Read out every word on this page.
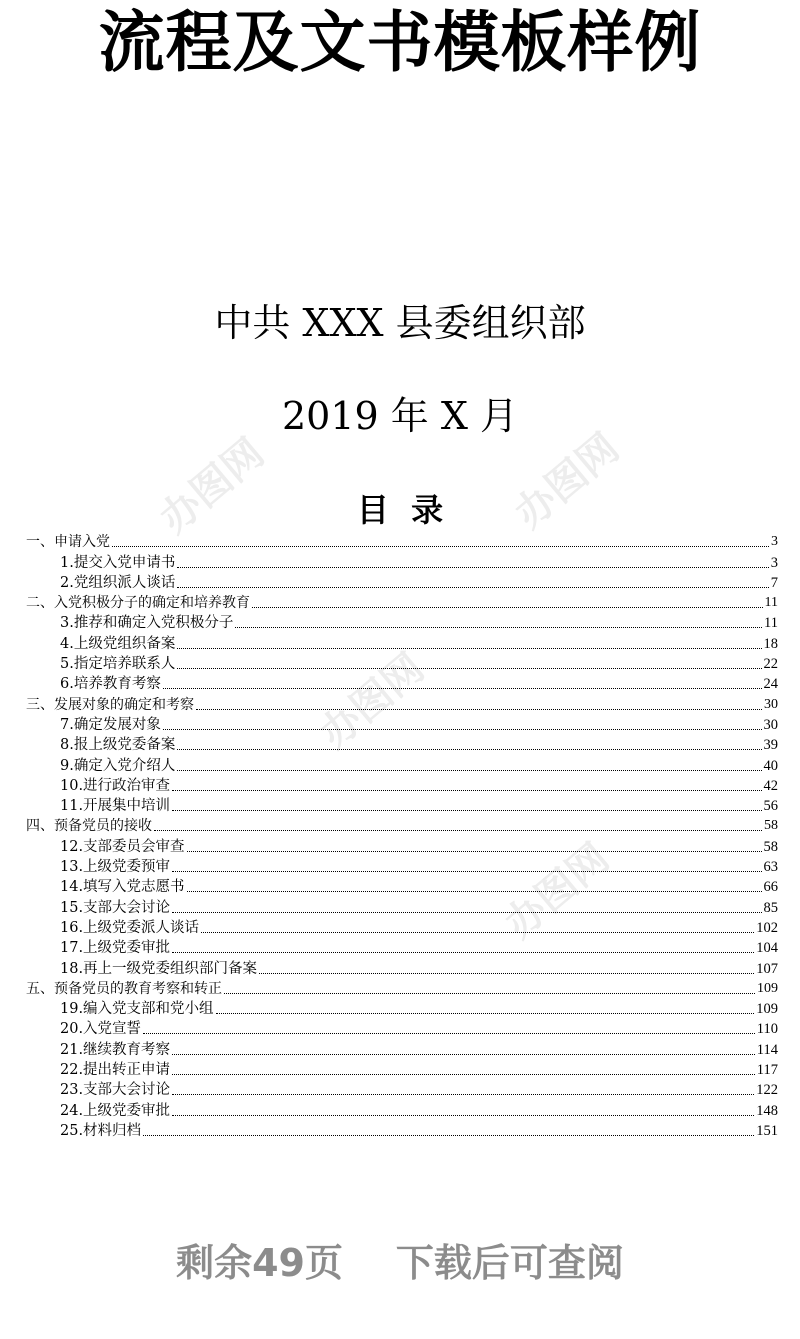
流程及文书模板样例
中共 XXX 县委组织部
2019 年 X 月
办图网	办图网
办图网
办图网
目  录
一、申请入党	3
1.提交入党申请书	3
2.党组织派人谈话	7
二、入党积极分子的确定和培养教育	11
3.推荐和确定入党积极分子	11
4.上级党组织备案	18
5.指定培养联系人	22
6.培养教育考察	24
三、发展对象的确定和考察	30
7.确定发展对象	30
8.报上级党委备案	39
9.确定入党介绍人	40
10.进行政治审查	42
11.开展集中培训	56
四、预备党员的接收	58
12.支部委员会审查	58
13.上级党委预审	63
14.填写入党志愿书	66
15.支部大会讨论	85
16.上级党委派人谈话	102
17.上级党委审批	104
18.再上一级党委组织部门备案	107
五、预备党员的教育考察和转正	109
19.编入党支部和党小组	109
20.入党宣誓	110
21.继续教育考察	114
22.提出转正申请	117
23.支部大会讨论	122
24.上级党委审批	148
25.材料归档	151
剩余49页    下载后可查阅
